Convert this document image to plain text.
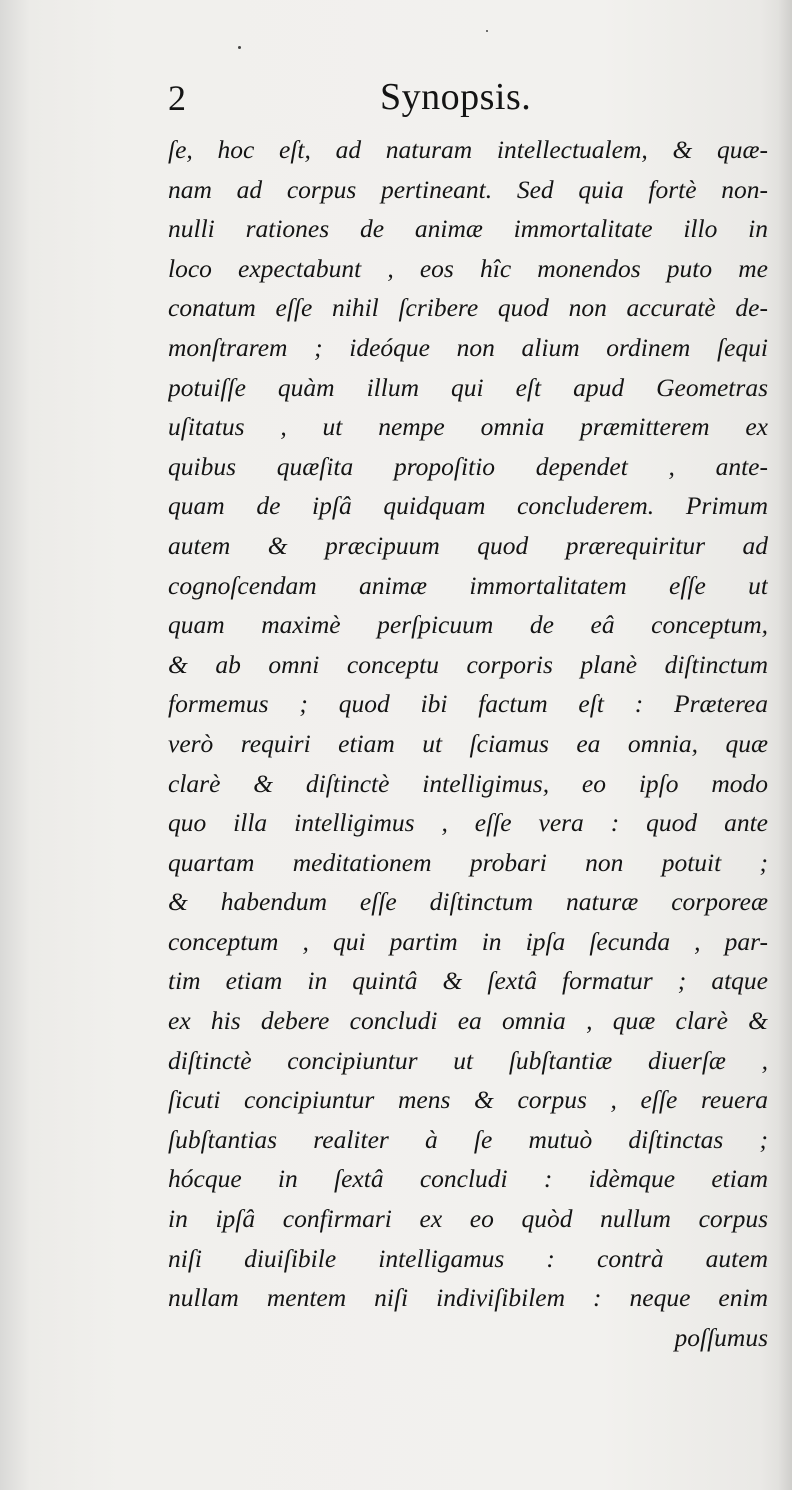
2	Synopsis.
ſe, hoc eſt, ad naturam intellectualem, & quæ-
nam ad corpus pertineant. Sed quia fortè non-
nulli rationes de animæ immortalitate illo in
loco expectabunt , eos hîc monendos puto me
conatum eſſe nihil ſcribere quod non accuratè de-
monſtrarem ; ideóque non alium ordinem ſequi
potuiſſe quàm illum qui eſt apud Geometras
uſitatus , ut nempe omnia præmitterem ex
quibus quæſita propoſitio dependet , ante-
quam de ipſâ quidquam concluderem. Primum
autem & præcipuum quod prærequiritur ad
cognoſcendam animæ immortalitatem eſſe ut
quam maximè perſpicuum de eâ conceptum,
& ab omni conceptu corporis planè diſtinctum
formemus ; quod ibi factum eſt : Præterea
verò requiri etiam ut ſciamus ea omnia, quæ
clarè & diſtinctè intelligimus, eo ipſo modo
quo illa intelligimus , eſſe vera : quod ante
quartam meditationem probari non potuit ;
& habendum eſſe diſtinctum naturæ corporeæ
conceptum , qui partim in ipſa ſecunda , par-
tim etiam in quintâ & ſextâ formatur ; atque
ex his debere concludi ea omnia , quæ clarè &
diſtinctè concipiuntur ut ſubſtantiæ diuerſæ ,
ſicuti concipiuntur mens & corpus , eſſe reuera
ſubſtantias realiter à ſe mutuò diſtinctas ;
hócque in ſextâ concludi : idèmque etiam
in ipſâ confirmari ex eo quòd nullum corpus
niſi diuiſibile intelligamus : contrà autem
nullam mentem niſi indiviſibilem : neque enim
poſſumus
